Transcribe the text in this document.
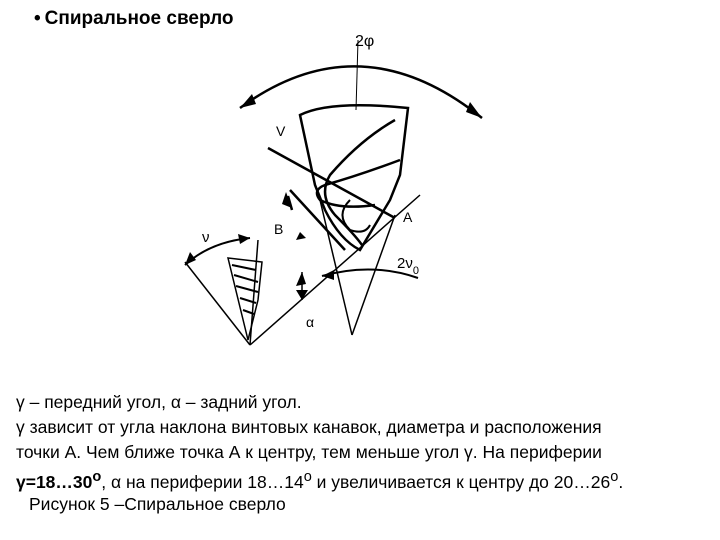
• Спиральное сверло
2φ
V
A
B
ν
$2\nu_0$
α

γ – передний угол, α – задний угол.

γ зависит от угла наклона винтовых канавок, диаметра и расположения

точки А. Чем ближе точка А к центру, тем меньше угол γ. На периферии

$\gamma=18\dots 30^o$, α на периферии 18…14$^o$ и увеличивается к центру до 20…26$^o$.

Рисунок 5 –Спиральное сверло
